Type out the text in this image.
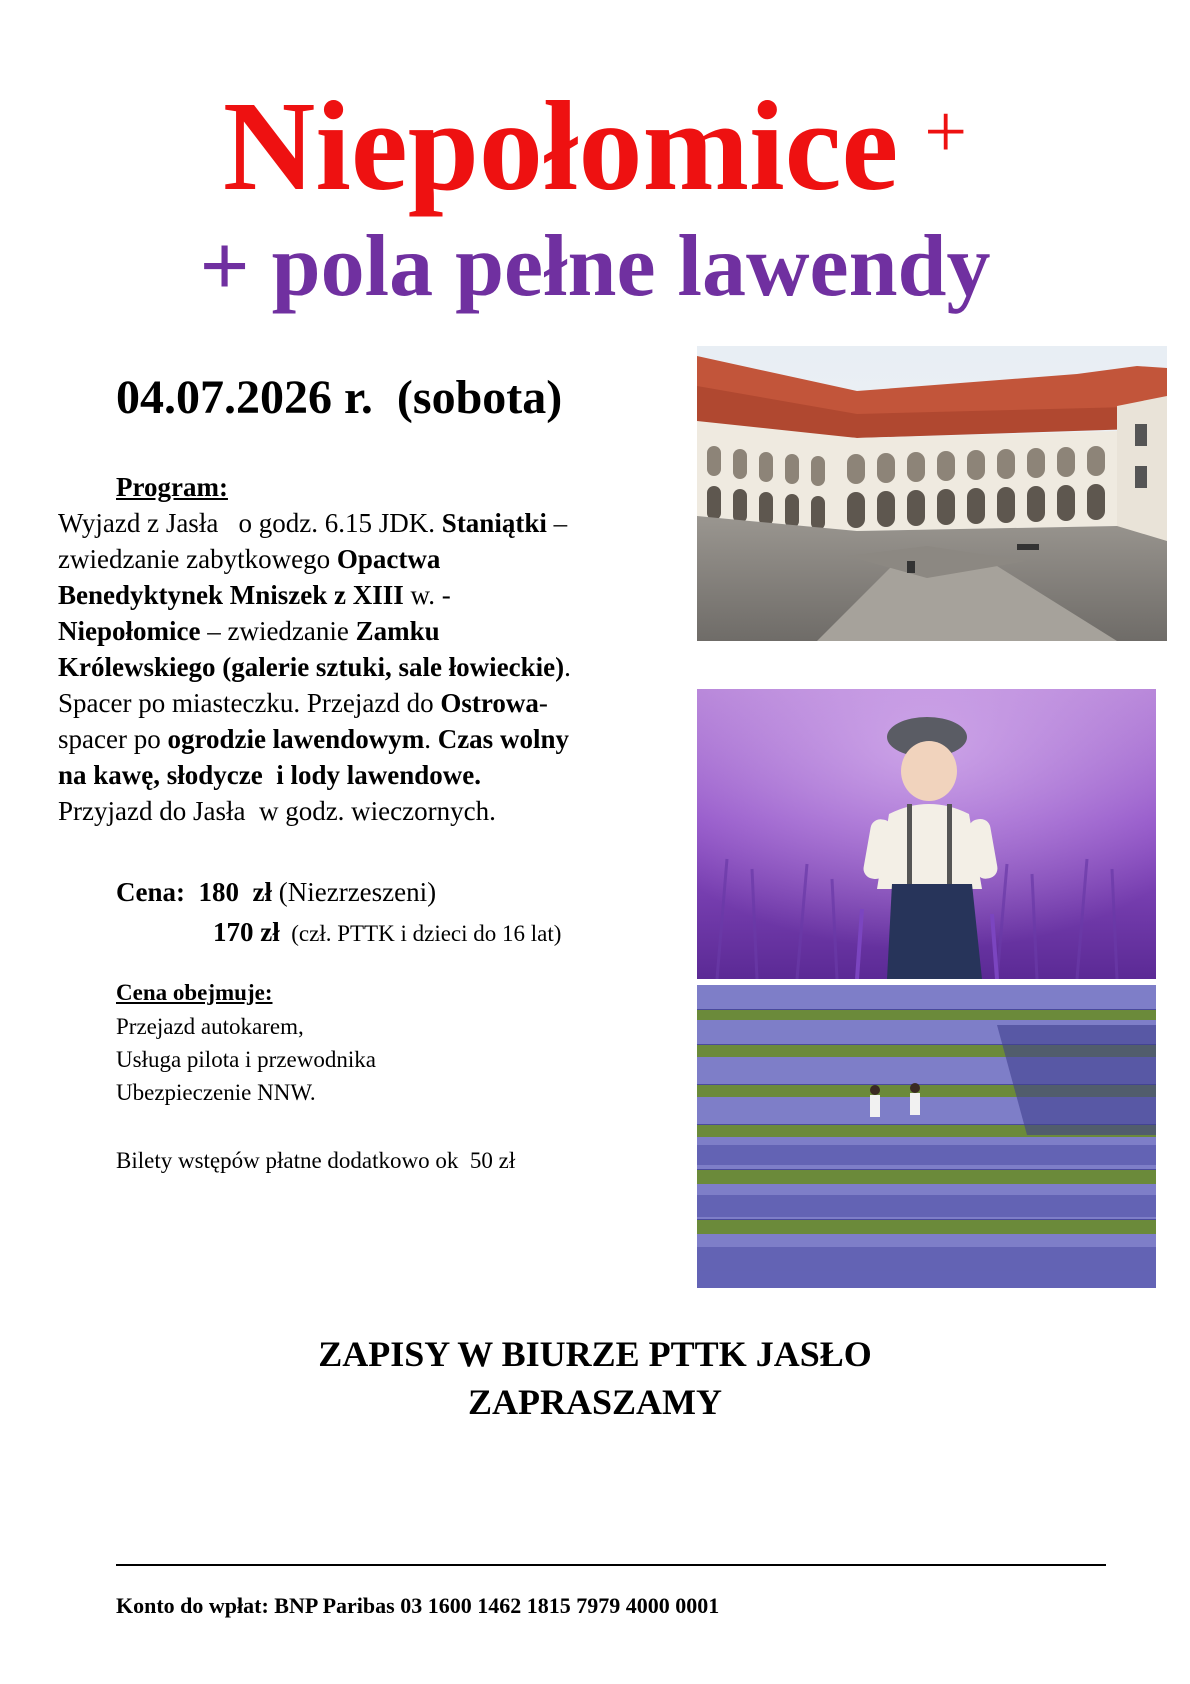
Niepołomice +
+ pola pełne lawendy
04.07.2026 r.  (sobota)
Program:
Wyjazd z Jasła   o godz. 6.15 JDK. Staniątki –
zwiedzanie zabytkowego Opactwa
Benedyktynek Mniszek z XIII w. -
Niepołomice – zwiedzanie Zamku
Królewskiego (galerie sztuki, sale łowieckie).
Spacer po miasteczku. Przejazd do Ostrowa-
spacer po ogrodzie lawendowym. Czas wolny
na kawę, słodycze  i lody lawendowe.
Przyjazd do Jasła  w godz. wieczornych.
Cena: 180  zł (Niezrzeszeni)
170 zł  (czł. PTTK i dzieci do 16 lat)
Cena obejmuje:
Przejazd autokarem,
Usługa pilota i przewodnika
Ubezpieczenie NNW.
Bilety wstępów płatne dodatkowo ok  50 zł
ZAPISY W BIURZE PTTK JASŁO
ZAPRASZAMY
Konto do wpłat: BNP Paribas 03 1600 1462 1815 7979 4000 0001
